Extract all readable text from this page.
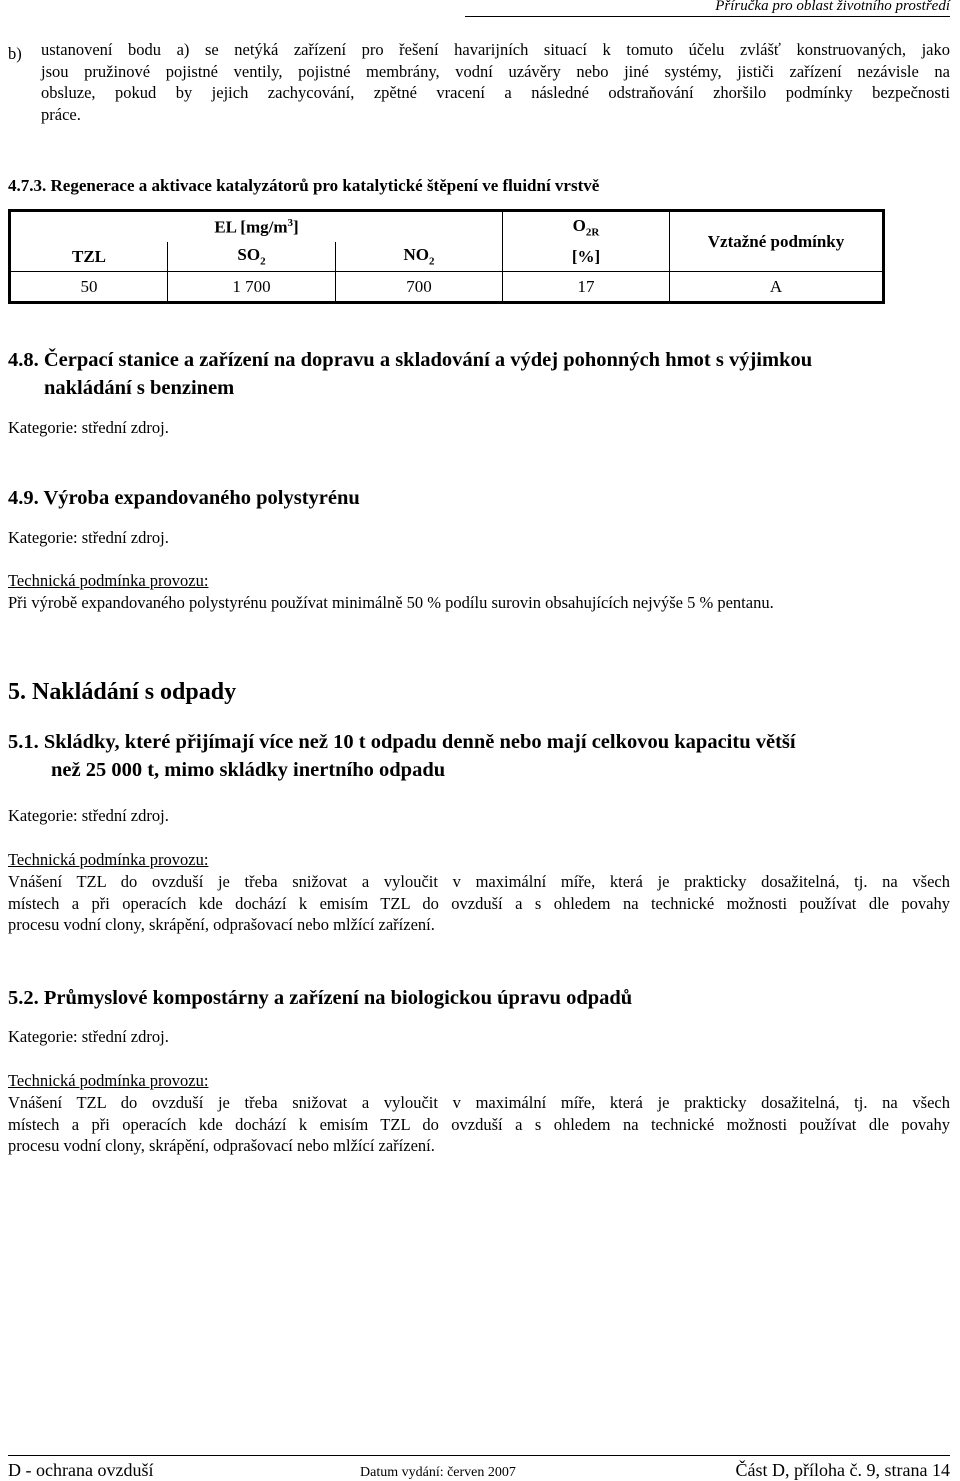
Příručka pro oblast životního prostředí
b) ustanovení bodu a) se netýká zařízení pro řešení havarijních situací k tomuto účelu zvlášť konstruovaných, jako
jsou pružinové pojistné ventily, pojistné membrány, vodní uzávěry nebo jiné systémy, jističi zařízení nezávisle na
obsluze, pokud by jejich zachycování, zpětné vracení a následné odstraňování zhoršilo podmínky bezpečnosti
práce.
4.7.3. Regenerace a aktivace katalyzátorů pro katalytické štěpení ve fluidní vrstvě
EL $[mg/m^3]$			$O_{2R}$	Vztažné podmínky
TZL	$SO_2$	$NO_2$	[%]	
50	1 700	700	17	A
4.8. Čerpací stanice a zařízení na dopravu a skladování a výdej pohonných hmot s výjimkou
nakládání s benzinem
Kategorie: střední zdroj.
4.9. Výroba expandovaného polystyrénu
Kategorie: střední zdroj.
Technická podmínka provozu:
Při výrobě expandovaného polystyrénu používat minimálně 50 % podílu surovin obsahujících nejvýše 5 % pentanu.
5. Nakládání s odpady
5.1. Skládky, které přijímají více než 10 t odpadu denně nebo mají celkovou kapacitu větší
než 25 000 t, mimo skládky inertního odpadu
Kategorie: střední zdroj.
Technická podmínka provozu:
Vnášení TZL do ovzduší je třeba snižovat a vyloučit v maximální míře, která je prakticky dosažitelná, tj. na všech
místech a při operacích kde dochází k emisím TZL do ovzduší a s ohledem na technické možnosti používat dle povahy
procesu vodní clony, skrápění, odprašovací nebo mlžící zařízení.
5.2. Průmyslové kompostárny a zařízení na biologickou úpravu odpadů
Kategorie: střední zdroj.
Technická podmínka provozu:
Vnášení TZL do ovzduší je třeba snižovat a vyloučit v maximální míře, která je prakticky dosažitelná, tj. na všech
místech a při operacích kde dochází k emisím TZL do ovzduší a s ohledem na technické možnosti používat dle povahy
procesu vodní clony, skrápění, odprašovací nebo mlžící zařízení.
D - ochrana ovzduší	Datum vydání: červen 2007	Část D, příloha č. 9, strana 14
